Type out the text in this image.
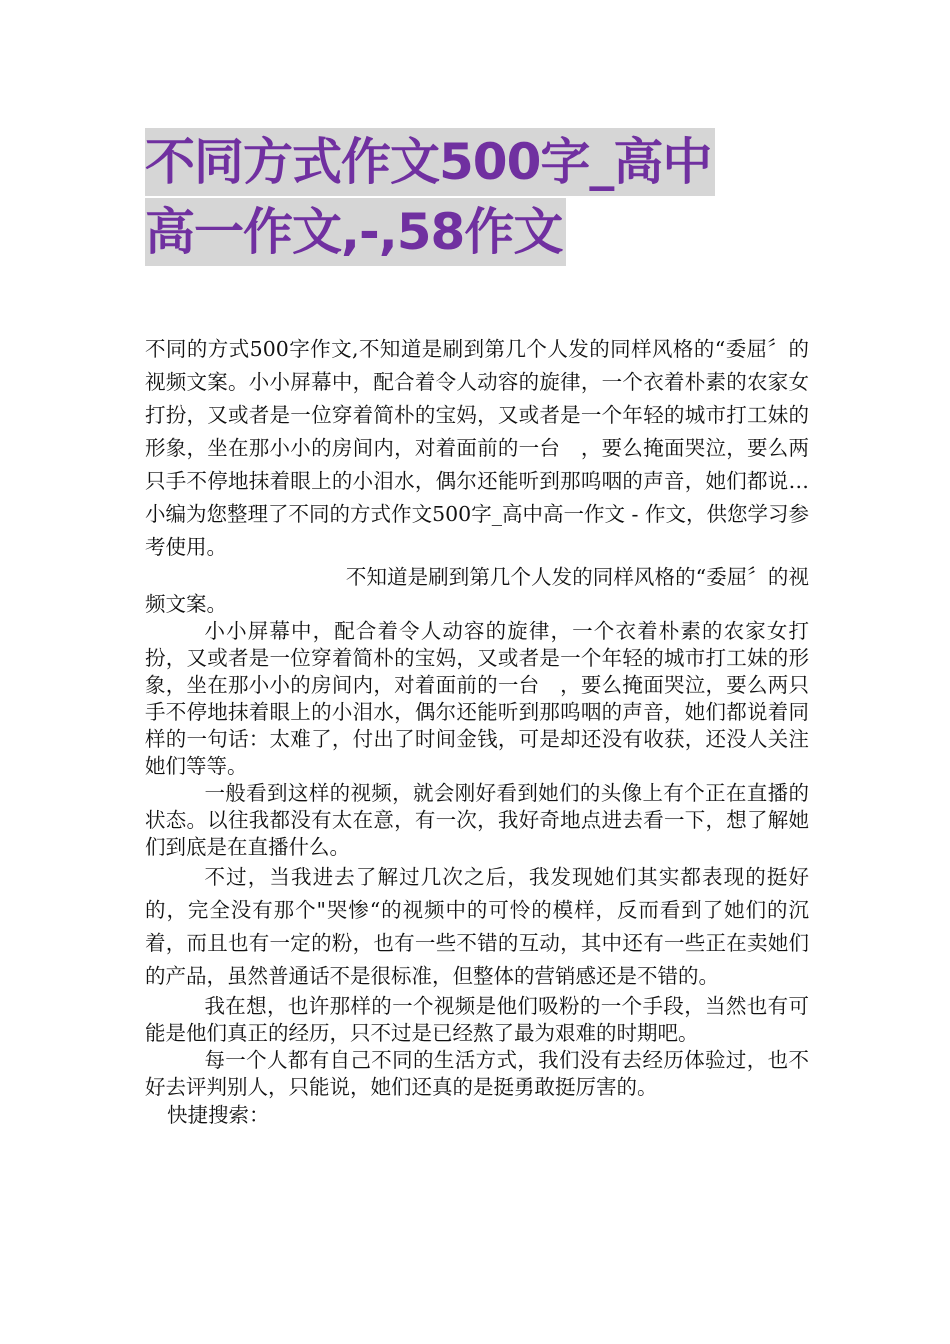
不同方式作文500字_高中
高一作文,-,58作文

不同的方式500字作文,不知道是刷到第几个人发的同样风格的“委屈〞的视频文案。小小屏幕中，配合着令人动容的旋律，一个衣着朴素的农家女打扮，又或者是一位穿着简朴的宝妈，又或者是一个年轻的城市打工妹的形象，坐在那小小的房间内，对着面前的一台　，要么掩面哭泣，要么两只手不停地抹着眼上的小泪水，偶尔还能听到那呜咽的声音，她们都说…小编为您整理了不同的方式作文500字_高中高一作文 - 作文，供您学习参考使用。

不知道是刷到第几个人发的同样风格的“委屈〞的视频文案。

小小屏幕中，配合着令人动容的旋律，一个衣着朴素的农家女打扮，又或者是一位穿着简朴的宝妈，又或者是一个年轻的城市打工妹的形象，坐在那小小的房间内，对着面前的一台　，要么掩面哭泣，要么两只手不停地抹着眼上的小泪水，偶尔还能听到那呜咽的声音，她们都说着同样的一句话：太难了，付出了时间金钱，可是却还没有收获，还没人关注她们等等。

一般看到这样的视频，就会刚好看到她们的头像上有个正在直播的状态。以往我都没有太在意，有一次，我好奇地点进去看一下，想了解她们到底是在直播什么。

不过，当我进去了解过几次之后，我发现她们其实都表现的挺好的，完全没有那个"哭惨“的视频中的可怜的模样，反而看到了她们的沉着，而且也有一定的粉，也有一些不错的互动，其中还有一些正在卖她们的产品，虽然普通话不是很标准，但整体的营销感还是不错的。

我在想，也许那样的一个视频是他们吸粉的一个手段，当然也有可能是他们真正的经历，只不过是已经熬了最为艰难的时期吧。

每一个人都有自己不同的生活方式，我们没有去经历体验过，也不好去评判别人，只能说，她们还真的是挺勇敢挺厉害的。

快捷搜索：
